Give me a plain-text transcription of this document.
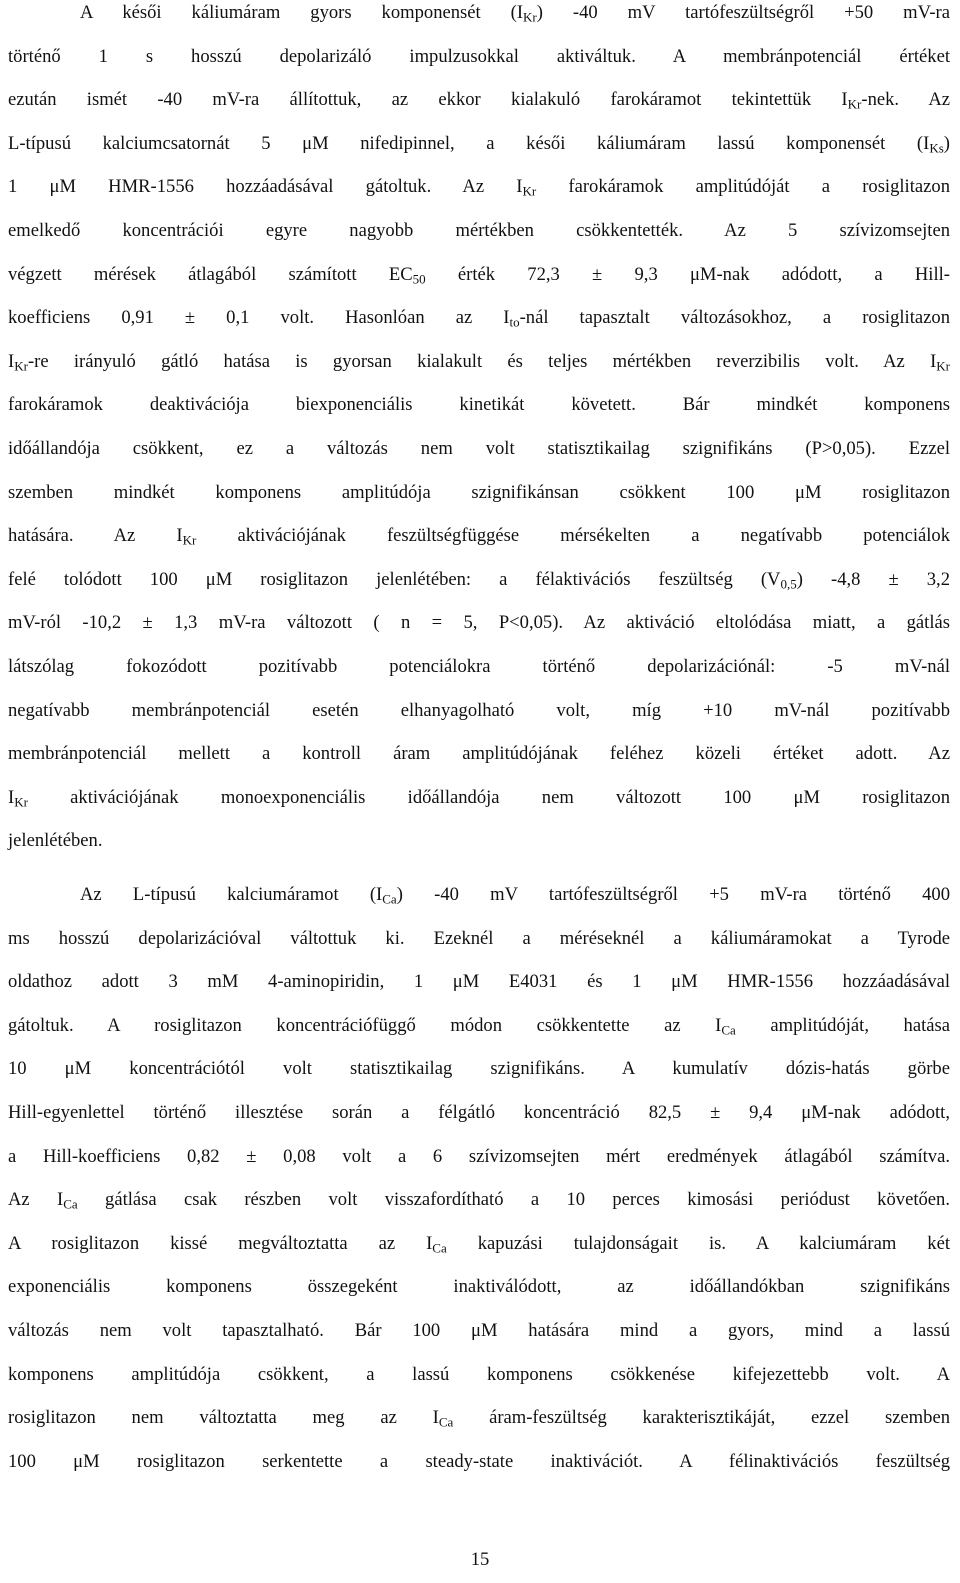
A késői káliumáram gyors komponensét $(I_{Kr})$ -40 mV tartófeszültségről +50 mV-ra
történő 1 s hosszú depolarizáló impulzusokkal aktiváltuk. A membránpotenciál értéket
ezután ismét -40 mV-ra állítottuk, az ekkor kialakuló farokáramot tekintettük $I_{Kr}$-nek. Az
L-típusú kalciumcsatornát 5 μM nifedipinnel, a késői káliumáram lassú komponensét $(I_{Ks})$
1 μM HMR-1556 hozzáadásával gátoltuk. Az $I_{Kr}$ farokáramok amplitúdóját a rosiglitazon
emelkedő koncentrációi egyre nagyobb mértékben csökkentették. Az 5 szívizomsejten
végzett mérések átlagából számított $EC_{50}$ érték 72,3 ± 9,3 μM-nak adódott, a Hill-
koefficiens 0,91 ± 0,1 volt. Hasonlóan az $I_{to}$-nál tapasztalt változásokhoz, a rosiglitazon
$I_{Kr}-re$ irányuló gátló hatása is gyorsan kialakult és teljes mértékben reverzibilis volt. Az $I_{Kr}$
farokáramok deaktivációja biexponenciális kinetikát követett. Bár mindkét komponens
időállandója csökkent, ez a változás nem volt statisztikailag szignifikáns (P>0,05). Ezzel
szemben mindkét komponens amplitúdója szignifikánsan csökkent 100 μM rosiglitazon
hatására. Az $I_{Kr}$ aktivációjának feszültségfüggése mérsékelten a negatívabb potenciálok
felé tolódott 100 μM rosiglitazon jelenlétében: a félaktivációs feszültség $(V_{0,5}) -4,8 \pm 3,2$
mV-ról -10,2 ± 1,3 mV-ra változott ( n = 5, P<0,05). Az aktiváció eltolódása miatt, a gátlás
látszólag fokozódott pozitívabb potenciálokra történő depolarizációnál: -5 mV-nál
negatívabb membránpotenciál esetén elhanyagolható volt, míg +10 mV-nál pozitívabb
membránpotenciál mellett a kontroll áram amplitúdójának feléhez közeli értéket adott. Az
$I_{Kr}$ aktivációjának monoexponenciális időállandója nem változott 100 μM rosiglitazon
jelenlétében.
Az L-típusú kalciumáramot $(I_{Ca})$ -40 mV tartófeszültségről +5 mV-ra történő 400
ms hosszú depolarizációval váltottuk ki. Ezeknél a méréseknél a káliumáramokat a Tyrode
oldathoz adott 3 mM 4-aminopiridin, 1 μM E4031 és 1 μM HMR-1556 hozzáadásával
gátoltuk. A rosiglitazon koncentrációfüggő módon csökkentette az $I_{Ca}$ amplitúdóját, hatása
10 μM koncentrációtól volt statisztikailag szignifikáns. A kumulatív dózis-hatás görbe
Hill-egyenlettel történő illesztése során a félgátló koncentráció 82,5 ± 9,4 μM-nak adódott,
a Hill-koefficiens 0,82 ± 0,08 volt a 6 szívizomsejten mért eredmények átlagából számítva.
Az $I_{Ca}$ gátlása csak részben volt visszafordítható a 10 perces kimosási periódust követően.
A rosiglitazon kissé megváltoztatta az $I_{Ca}$ kapuzási tulajdonságait is. A kalciumáram két
exponenciális komponens összegeként inaktiválódott, az időállandókban szignifikáns
változás nem volt tapasztalható. Bár 100 μM hatására mind a gyors, mind a lassú
komponens amplitúdója csökkent, a lassú komponens csökkenése kifejezettebb volt. A
rosiglitazon nem változtatta meg az $I_{Ca}$ áram-feszültség karakterisztikáját, ezzel szemben
100 μM rosiglitazon serkentette a steady-state inaktivációt. A félinaktivációs feszültség
15
